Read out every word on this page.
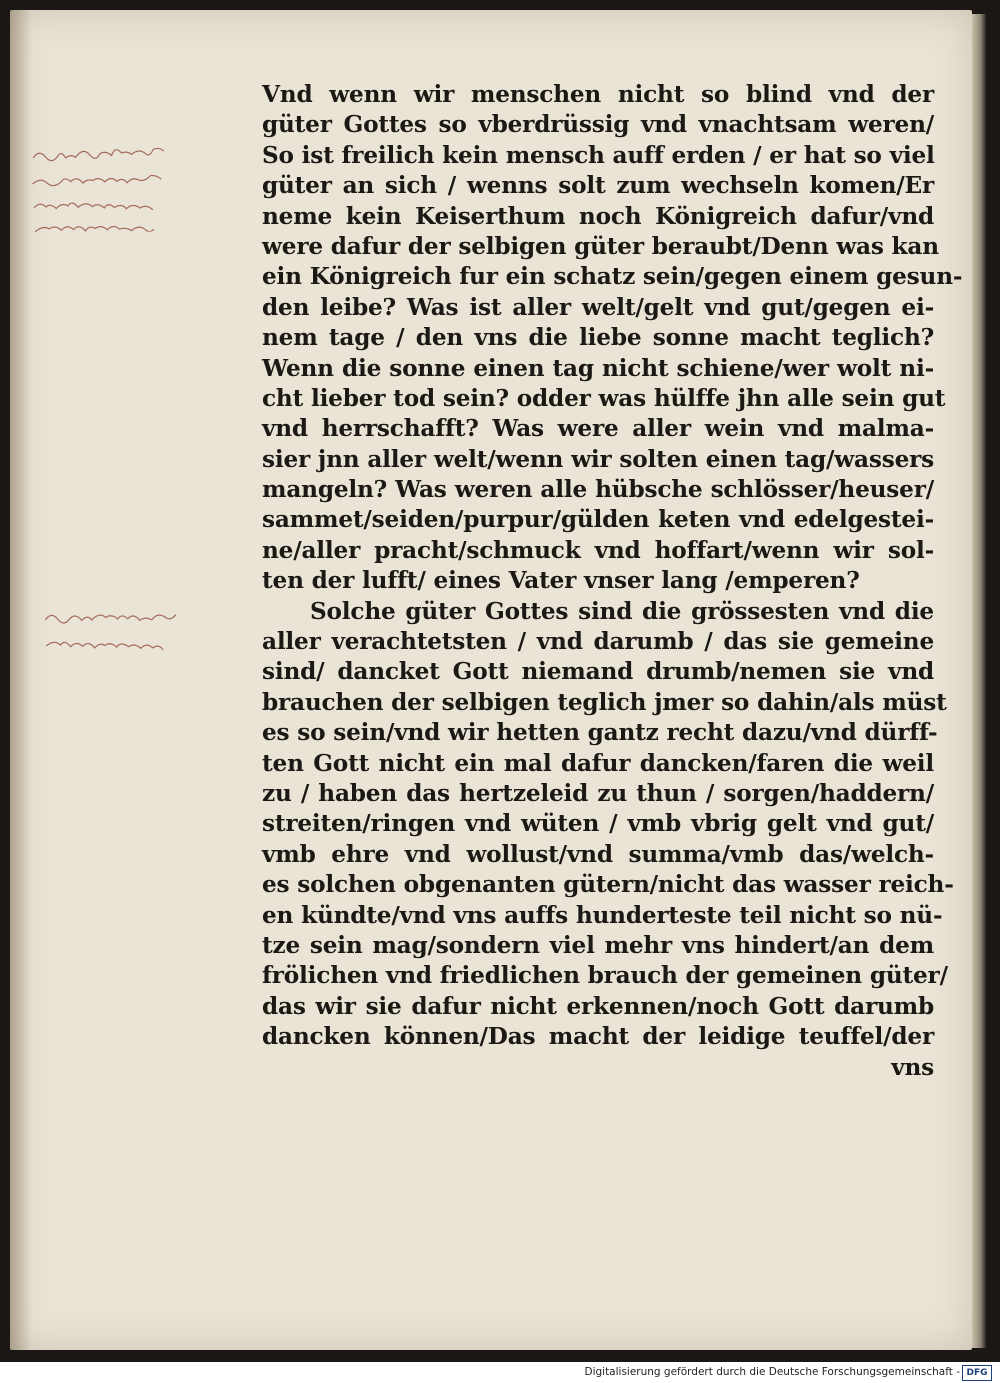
Vnd wenn wir menschen nicht so blind vnd der
güter Gottes so vberdrüssig vnd vnachtsam weren/
So ist freilich kein mensch auff erden / er hat so viel
güter an sich / wenns solt zum wechseln komen/Er
neme kein Keiserthum noch Königreich dafur/vnd
were dafur der selbigen güter beraubt/Denn was kan
ein Königreich fur ein schatz sein/gegen einem gesun-
den leibe? Was ist aller welt/gelt vnd gut/gegen ei-
nem tage / den vns die liebe sonne macht teglich?
Wenn die sonne einen tag nicht schiene/wer wolt ni-
cht lieber tod sein? odder was hülffe jhn alle sein gut
vnd herrschafft? Was were aller wein vnd malma-
sier jnn aller welt/wenn wir solten einen tag/wassers
mangeln? Was weren alle hübsche schlösser/heuser/
sammet/seiden/purpur/gülden keten vnd edelgestei-
ne/aller pracht/schmuck vnd hoffart/wenn wir sol-
ten der lufft/ eines Vater vnser lang /emperen?
Solche güter Gottes sind die grössesten vnd die
aller verachtetsten / vnd darumb / das sie gemeine
sind/ dancket Gott niemand drumb/nemen sie vnd
brauchen der selbigen teglich jmer so dahin/als müst
es so sein/vnd wir hetten gantz recht dazu/vnd dürff-
ten Gott nicht ein mal dafur dancken/faren die weil
zu / haben das hertzeleid zu thun / sorgen/haddern/
streiten/ringen vnd wüten / vmb vbrig gelt vnd gut/
vmb ehre vnd wollust/vnd summa/vmb das/welch-
es solchen obgenanten gütern/nicht das wasser reich-
en kündte/vnd vns auffs hunderteste teil nicht so nü-
tze sein mag/sondern viel mehr vns hindert/an dem
frölichen vnd friedlichen brauch der gemeinen güter/
das wir sie dafur nicht erkennen/noch Gott darumb
dancken können/Das macht der leidige teuffel/der
vns
Digitalisierung gefördert durch die Deutsche Forschungsgemeinschaft - DFG
